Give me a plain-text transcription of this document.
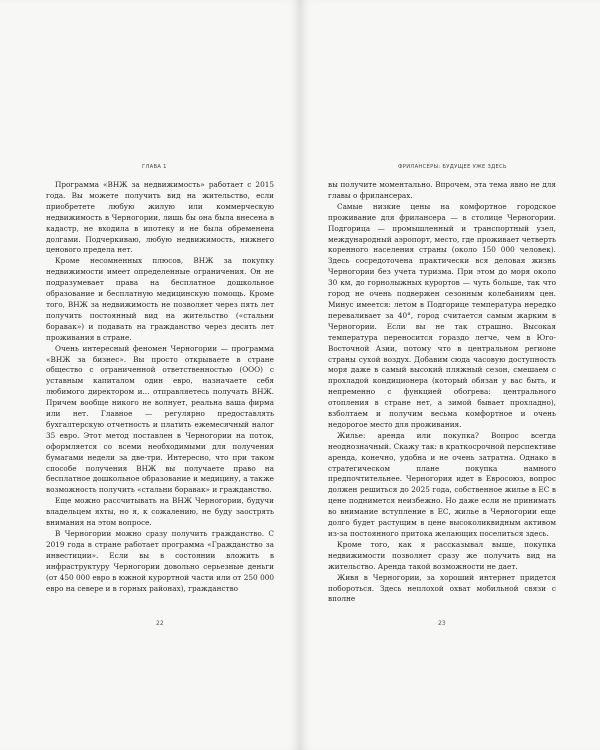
ГЛАВА 1

Программа «ВНЖ за недвижимость» работает с 2015 года. Вы можете получить вид на жительство, если приобретете любую жилую или коммерческую недвижимость в Черногории, лишь бы она была внесена в кадастр, не входила в ипотеку и не была обременена долгами. Подчеркиваю, любую недвижимость, нижнего ценового предела нет.

Кроме несомненных плюсов, ВНЖ за покупку недвижимости имеет определенные ограничения. Он не подразумевает права на бесплатное дошкольное образование и бесплатную медицинскую помощь. Кроме того, ВНЖ за недвижимость не позволяет через пять лет получить постоянный вид на жительство («стальни боравак») и подавать на гражданство через десять лет проживания в стране.

Очень интересный феномен Черногории — программа «ВНЖ за бизнес». Вы просто открываете в стране общество с ограниченной ответственностью (ООО) с уставным капиталом один евро, назначаете себя любимого директором и... отправляетесь получать ВНЖ. Причем вообще никого не волнует, реальна ваша фирма или нет. Главное — регулярно предоставлять бухгалтерскую отчетность и платить ежемесячный налог 35 евро. Этот метод поставлен в Черногории на поток, оформляется со всеми необходимыми для получения бумагами недели за две-три. Интересно, что при таком способе получения ВНЖ вы получаете право на бесплатное дошкольное образование и медицину, а также возможность получить «стальни боравак» и гражданство.

Еще можно рассчитывать на ВНЖ Черногории, будучи владельцем яхты, но я, к сожалению, не буду заострять внимания на этом вопросе.

В Черногории можно сразу получить гражданство. С 2019 года в стране работает программа «Гражданство за инвестиции». Если вы в состоянии вложить в инфраструктуру Черногории довольно серьезные деньги (от 450 000 евро в южной курортной части или от 250 000 евро на севере и в горных районах), гражданство

22
ФРИЛАНСЕРЫ: БУДУЩЕЕ УЖЕ ЗДЕСЬ

вы получите моментально. Впрочем, эта тема явно не для главы о фрилансерах.

Самые низкие цены на комфортное городское проживание для фрилансера — в столице Черногории. Подгорица — промышленный и транспортный узел, международный аэропорт, место, где проживает четверть коренного населения страны (около 150 000 человек). Здесь сосредоточена практически вся деловая жизнь Черногории без учета туризма. При этом до моря около 30 км, до горнолыжных курортов — чуть больше, так что город не очень подвержен сезонным колебаниям цен. Минус имеется: летом в Подгорице температура нередко переваливает за 40°, город считается самым жарким в Черногории. Если вы не так страшно. Высокая температура переносится гораздо легче, чем в Юго-Восточной Азии, потому что в центральном регионе страны сухой воздух. Добавим сюда часовую доступность моря даже в самый высокий пляжный сезон, смешаем с прохладой кондиционера (который обязан у вас быть, и непременно с функцией обогрева: центрального отопления в стране нет, а зимой бывает прохладно), взболтаем и получим весьма комфортное и очень недорогое место для проживания.

Жилье: аренда или покупка? Вопрос всегда неоднозначный. Скажу так: в краткосрочной перспективе аренда, конечно, удобна и не очень затратна. Однако в стратегическом плане покупка намного предпочтительнее. Черногория идет в Евросоюз, вопрос должен решиться до 2025 года, собственное жилье в ЕС в цене поднимется неизбежно. Но даже если не принимать во внимание вступление в ЕС, жилье в Черногории еще долго будет растущим в цене высоколиквидным активом из-за постоянного притока желающих поселиться здесь.

Кроме того, как я рассказывал выше, покупка недвижимости позволяет сразу же получить вид на жительство. Аренда такой возможности не дает.

Живя в Черногории, за хороший интернет придется побороться. Здесь неплохой охват мобильной связи с вполне

23
